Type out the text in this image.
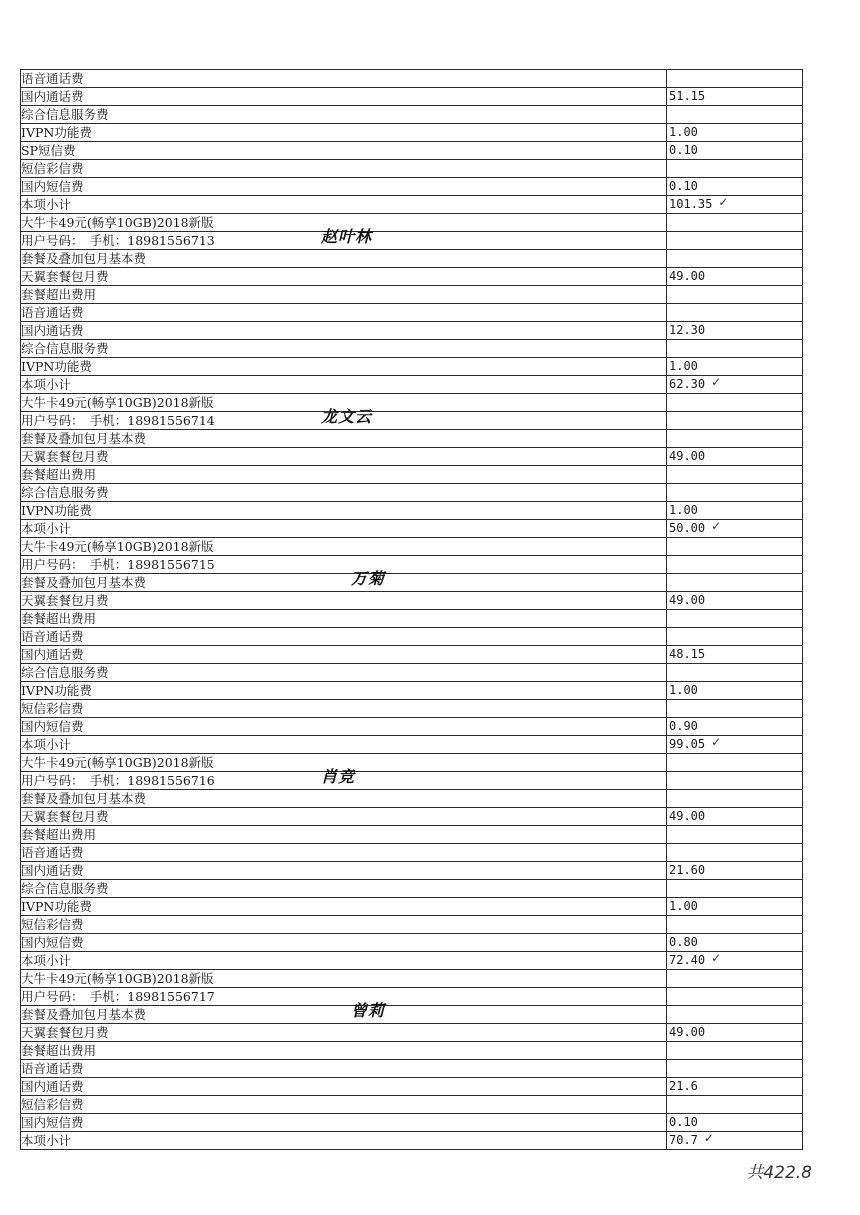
语音通话费	
国内通话费	51.15
综合信息服务费	
IVPN功能费	1.00
SP短信费	0.10
短信彩信费	
国内短信费	0.10
本项小计	101.35 ✓

大牛卡49元(畅享10GB)2018新版	
用户号码：　手机：18981556713 赵叶林	

套餐及叠加包月基本费	
天翼套餐包月费	49.00
套餐超出费用	
语音通话费	
国内通话费	12.30
综合信息服务费	
IVPN功能费	1.00
本项小计	62.30 ✓

大牛卡49元(畅享10GB)2018新版	
用户号码：　手机：18981556714 龙文云	

套餐及叠加包月基本费	
天翼套餐包月费	49.00
套餐超出费用	
综合信息服务费	
IVPN功能费	1.00
本项小计	50.00 ✓

大牛卡49元(畅享10GB)2018新版	
用户号码：　手机：18981556715	
套餐及叠加包月基本费 万菊	

天翼套餐包月费	49.00
套餐超出费用	
语音通话费	
国内通话费	48.15
综合信息服务费	
IVPN功能费	1.00
短信彩信费	
国内短信费	0.90
本项小计	99.05 ✓

大牛卡49元(畅享10GB)2018新版	
用户号码：　手机：18981556716 肖竞	

套餐及叠加包月基本费	
天翼套餐包月费	49.00
套餐超出费用	
语音通话费	
国内通话费	21.60
综合信息服务费	
IVPN功能费	1.00
短信彩信费	
国内短信费	0.80
本项小计	72.40 ✓

大牛卡49元(畅享10GB)2018新版	
用户号码：　手机：18981556717	
套餐及叠加包月基本费 曾莉	

天翼套餐包月费	49.00
套餐超出费用	
语音通话费	
国内通话费	21.6
短信彩信费	
国内短信费	0.10
本项小计	70.7 ✓
共422.8
